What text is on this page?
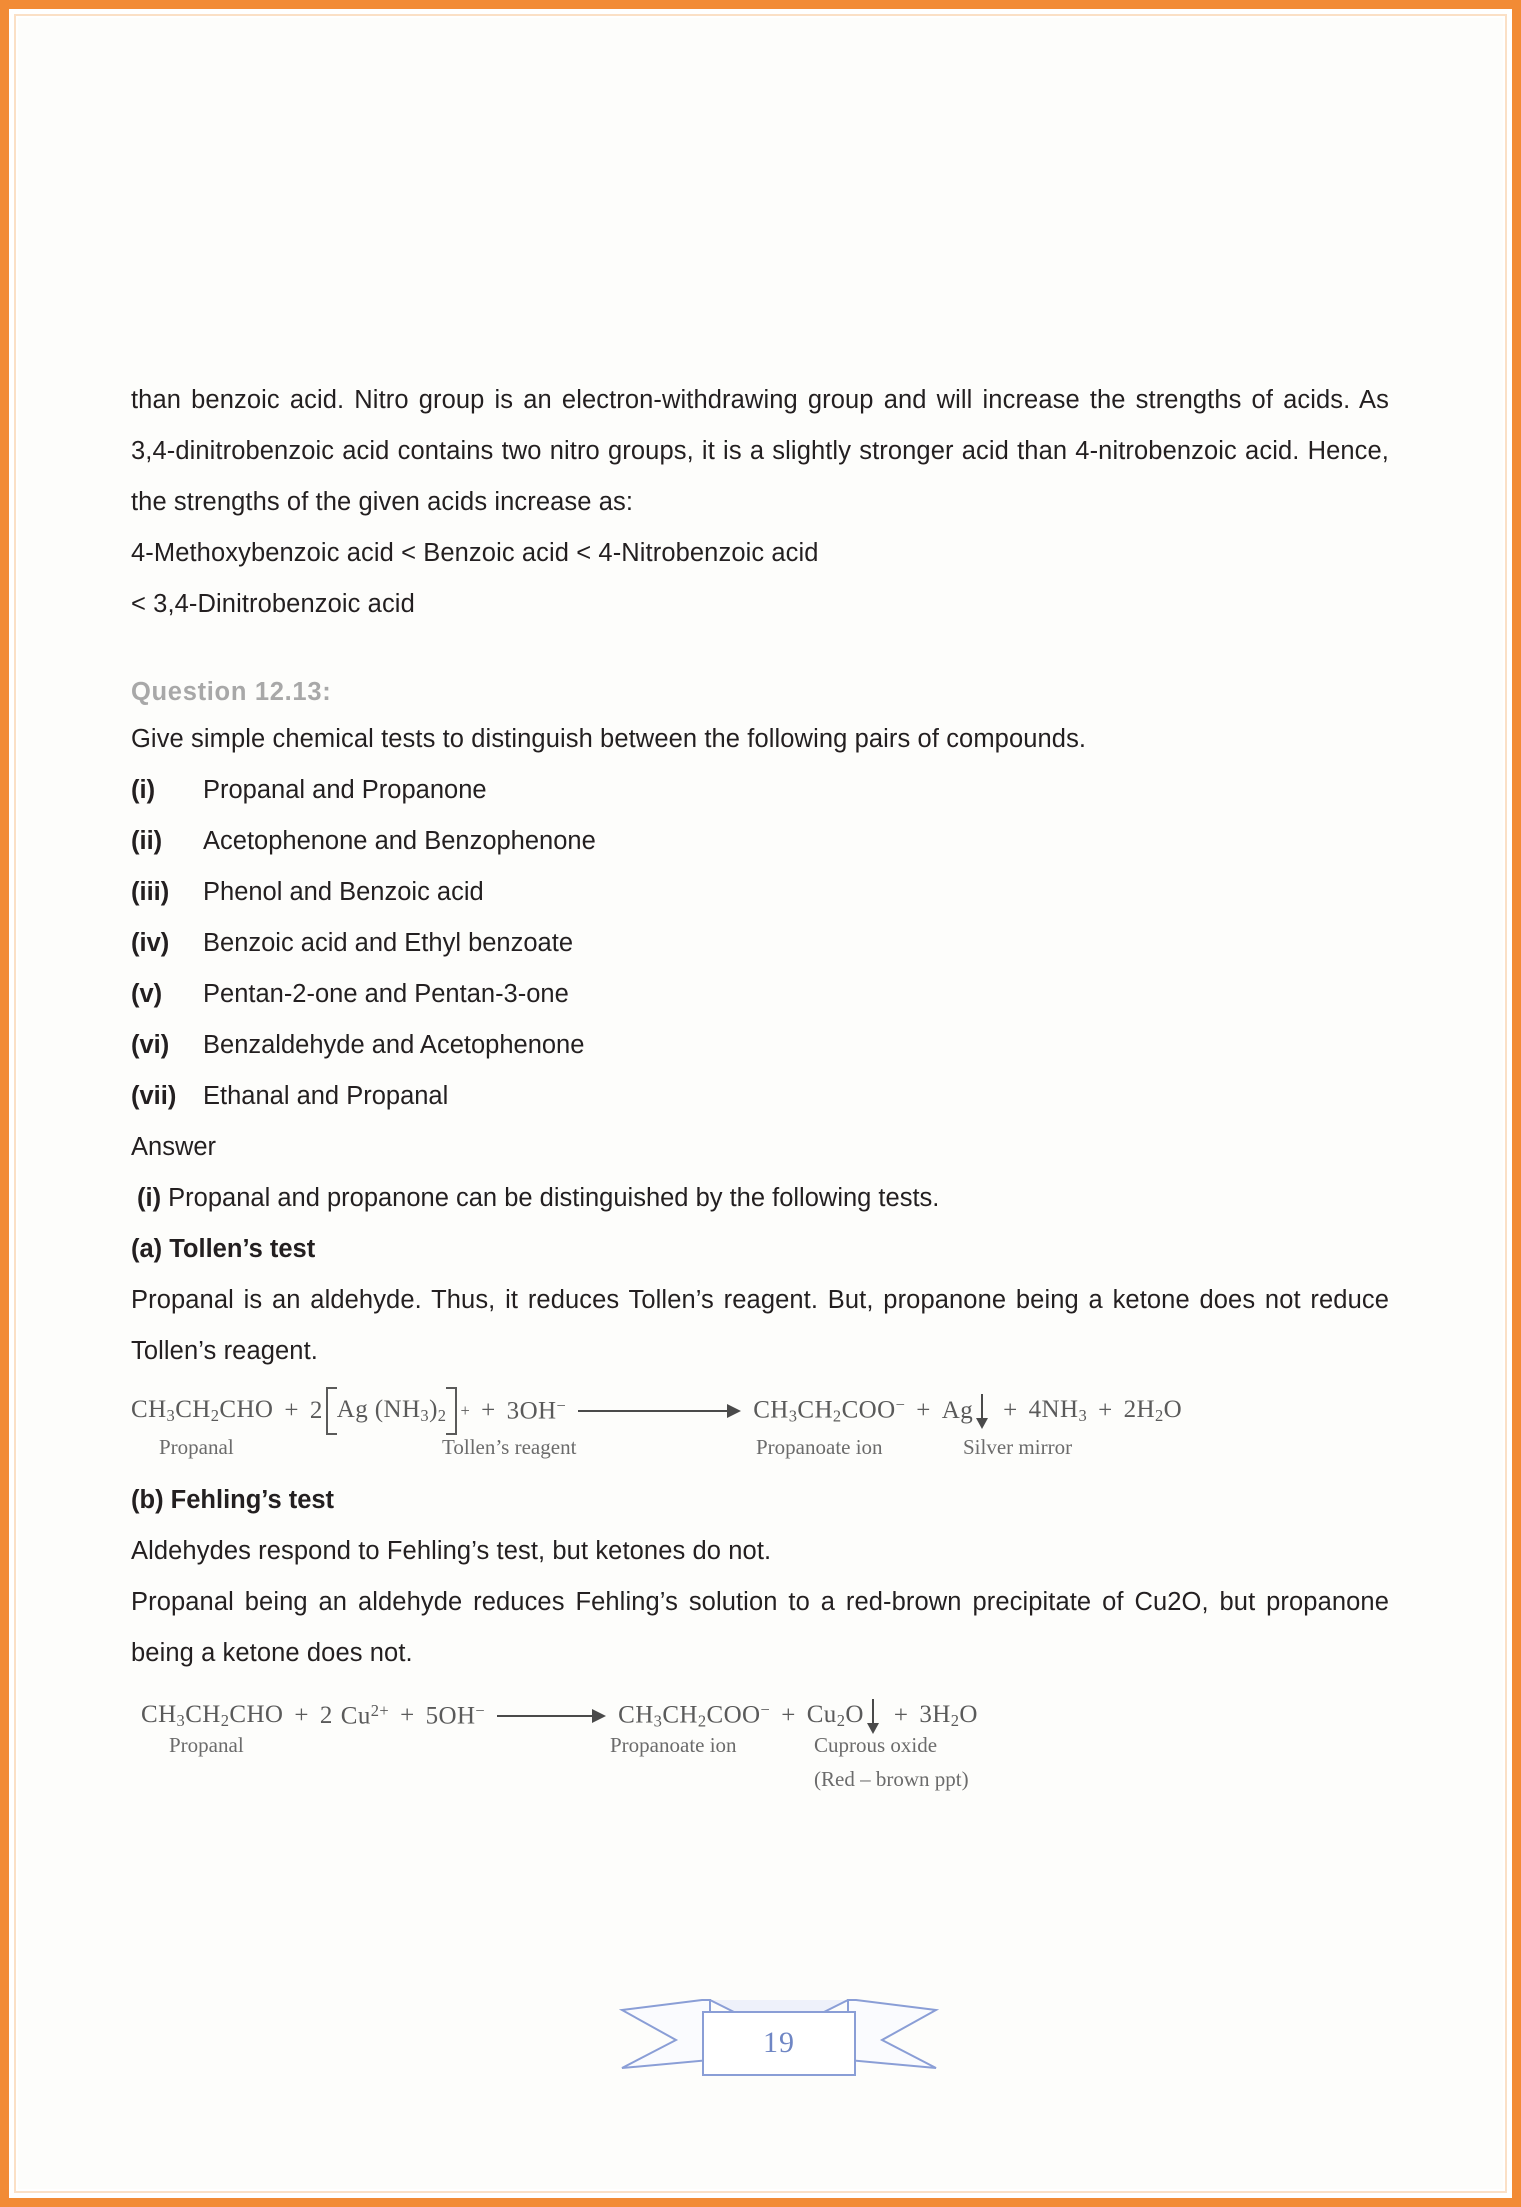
than benzoic acid. Nitro group is an electron-withdrawing group and will increase the strengths of acids. As 3,4-dinitrobenzoic acid contains two nitro groups, it is a slightly stronger acid than 4-nitrobenzoic acid. Hence, the strengths of the given acids increase as:

4-Methoxybenzoic acid < Benzoic acid < 4-Nitrobenzoic acid

< 3,4-Dinitrobenzoic acid

Question 12.13:

Give simple chemical tests to distinguish between the following pairs of compounds.

(i)	Propanal and Propanone
(ii)	Acetophenone and Benzophenone
(iii)	Phenol and Benzoic acid
(iv)	Benzoic acid and Ethyl benzoate
(v)	Pentan-2-one and Pentan-3-one
(vi)	Benzaldehyde and Acetophenone
(vii)	Ethanal and Propanal
Answer
(i) Propanal and propanone can be distinguished by the following tests.
(a) Tollen’s test

Propanal is an aldehyde. Thus, it reduces Tollen’s reagent. But, propanone being a ketone does not reduce Tollen’s reagent.

$CH_3CH_2CHO + 2$ Ag $(NH_3)_2$ + + 3OH−	$CH_3CH_2COO^- + Ag + 4NH_3 + 2H_2O$
Propanal	Tollen’s reagent	Propanoate ion	Silver mirror
(b) Fehling’s test

Aldehydes respond to Fehling’s test, but ketones do not.

Propanal being an aldehyde reduces Fehling’s solution to a red-brown precipitate of Cu2O, but propanone being a ketone does not.

$CH_3CH_2CHO + 2$ $Cu^{2+} + 5OH^-$	$CH_3CH_2COO^- + Cu_2O + 3H_2O$
Propanal	Propanoate ion	Cuprous oxide
(Red – brown ppt)
19
